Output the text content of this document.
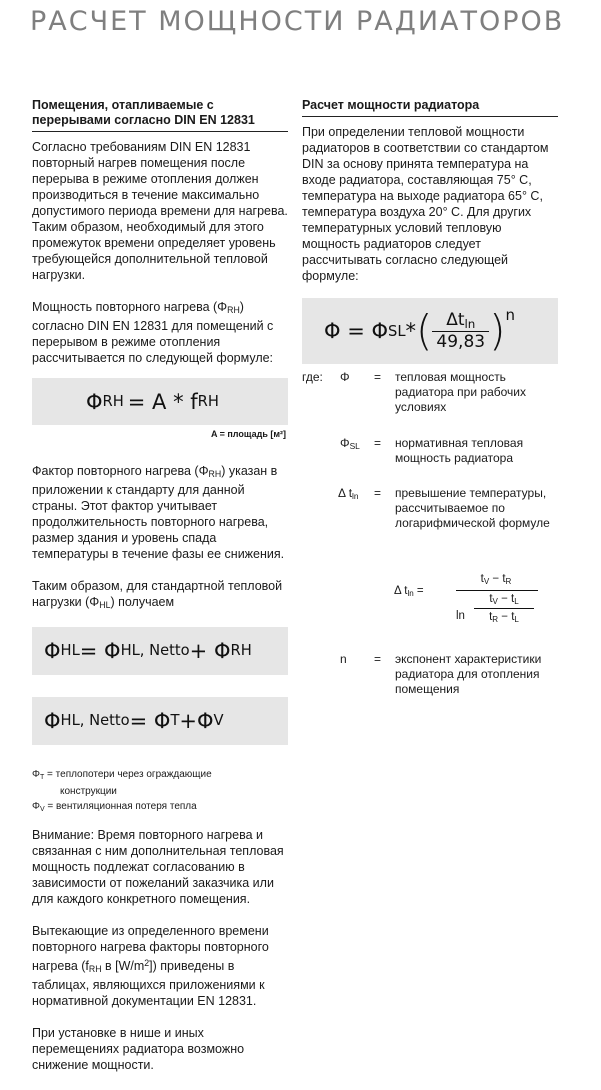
РАСЧЕТ МОЩНОСТИ РАДИАТОРОВ

Помещения, отапливаемые с перерывами согласно DIN EN 12831

Согласно требованиям DIN EN 12831 повторный нагрев помещения после перерыва в режиме отопления должен производиться в течение максимально допустимого периода времени для нагрева. Таким образом, необходимый для этого промежуток времени определяет уровень требующейся дополнительной тепловой нагрузки.

Мощность повторного нагрева $(\Phi_{RH})$ согласно DIN EN 12831 для помещений с перерывом в режиме отопления рассчитывается по следующей формуле:

Φ RH = A * f RH

A = площадь [м²]

Фактор повторного нагрева $(\Phi_{RH})$ указан в приложении к стандарту для данной страны. Этот фактор учитывает продолжительность повторного нагрева, размер здания и уровень спада температуры в течение фазы ее снижения.

Таким образом, для стандартной тепловой нагрузки $(\Phi_{HL})$ получаем

Φ HL = Φ HL, Netto + Φ RH
Φ HL, Netto = Φ T +Φ V

$\Phi_T$ = теплопотери через ограждающие

конструкции

$\Phi_V$ = вентиляционная потеря тепла

Внимание: Время повторного нагрева и связанная с ним дополнительная тепловая мощность подлежат согласованию в зависимости от пожеланий заказчика или для каждого конкретного помещения.

Вытекающие из определенного времени повторного нагрева факторы повторного нагрева ($f_{RH}$ в $[W/m^2]$) приведены в таблицах, являющихся приложениями к нормативной документации EN 12831.

При установке в нише и иных перемещениях радиатора возможно снижение мощности.

Расчет мощности радиатора

При определении тепловой мощности радиаторов в соответствии со стандартом DIN за основу принята температура на входе радиатора, составляющая 75° С, температура на выходе радиатора 65° С, температура воздуха 20° С. Для других температурных условий тепловую мощность радиаторов следует рассчитывать согласно следующей формуле:

Φ = Φ SL * ( $\frac{\Delta t_{ln}}{49,83}$ ) n
где: Φ = тепловая мощность радиатора при рабочих условиях
$\Phi_{SL}$ = нормативная тепловая мощность радиатора
Δ $t_{ln}$ = превышение температуры, рассчитываемое по логарифмической формуле
Δ $t_{ln}$ =
$t_V - t_R$
ln
$t_V - t_L$
$t_R - t_L$
n = экспонент характеристики радиатора для отопления помещения
